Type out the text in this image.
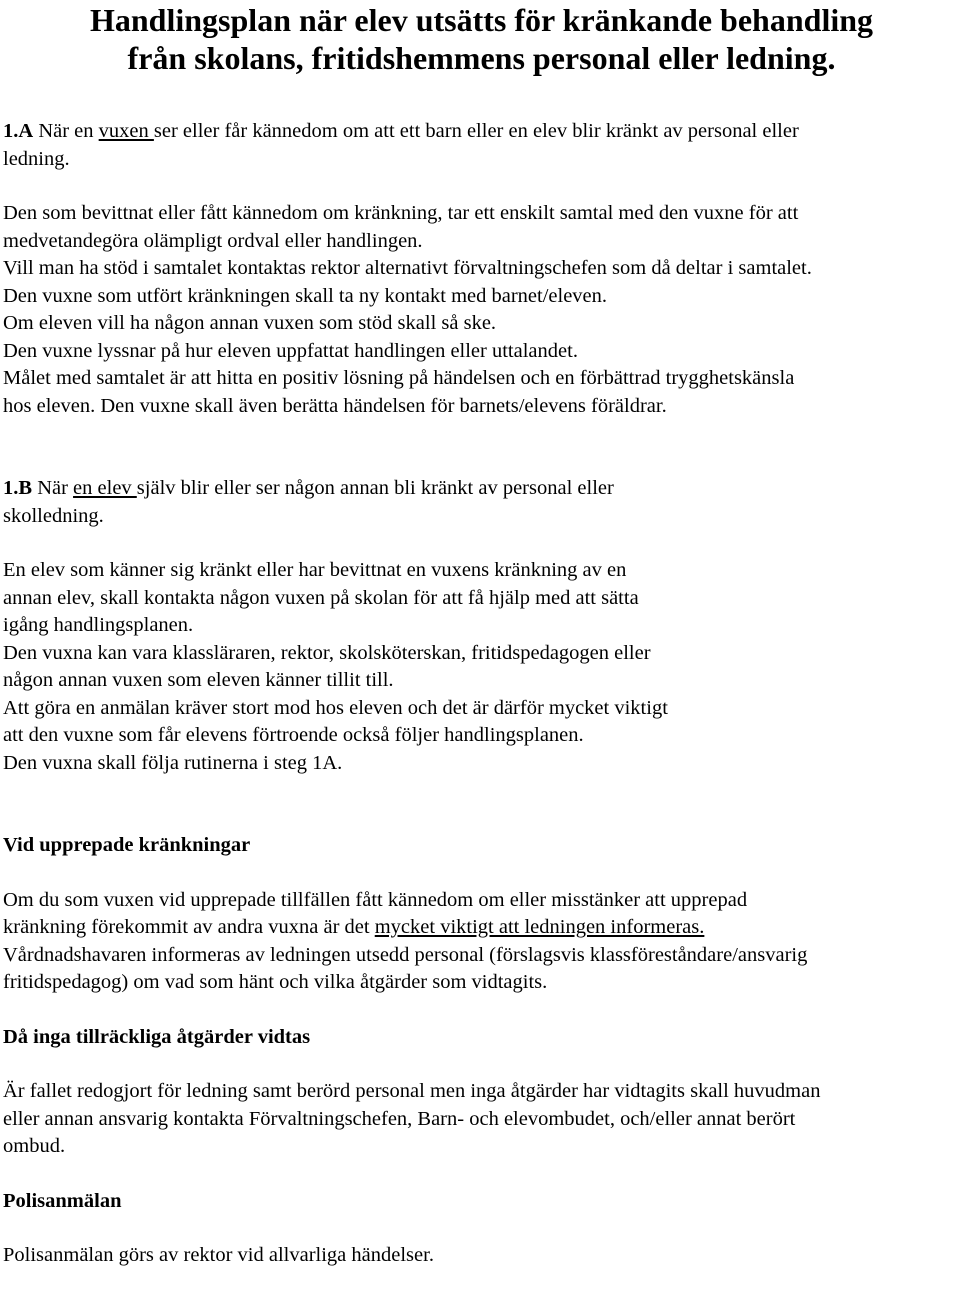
Handlingsplan när elev utsätts för kränkande behandling
från skolans, fritidshemmens personal eller ledning.

1.A När en vuxen ser eller får kännedom om att ett barn eller en elev blir kränkt av personal eller
ledning.

Den som bevittnat eller fått kännedom om kränkning, tar ett enskilt samtal med den vuxne för att
medvetandegöra olämpligt ordval eller handlingen.
Vill man ha stöd i samtalet kontaktas rektor alternativt förvaltningschefen som då deltar i samtalet.
Den vuxne som utfört kränkningen skall ta ny kontakt med barnet/eleven.
Om eleven vill ha någon annan vuxen som stöd skall så ske.
Den vuxne lyssnar på hur eleven uppfattat handlingen eller uttalandet.
Målet med samtalet är att hitta en positiv lösning på händelsen och en förbättrad trygghetskänsla
hos eleven. Den vuxne skall även berätta händelsen för barnets/elevens föräldrar.

1.B När en elev själv blir eller ser någon annan bli kränkt av personal eller
skolledning.

En elev som känner sig kränkt eller har bevittnat en vuxens kränkning av en
annan elev, skall kontakta någon vuxen på skolan för att få hjälp med att sätta
igång handlingsplanen.
Den vuxna kan vara klassläraren, rektor, skolsköterskan, fritidspedagogen eller
någon annan vuxen som eleven känner tillit till.
Att göra en anmälan kräver stort mod hos eleven och det är därför mycket viktigt
att den vuxne som får elevens förtroende också följer handlingsplanen.
Den vuxna skall följa rutinerna i steg 1A.

Vid upprepade kränkningar

Om du som vuxen vid upprepade tillfällen fått kännedom om eller misstänker att upprepad
kränkning förekommit av andra vuxna är det mycket viktigt att ledningen informeras.
Vårdnadshavaren informeras av ledningen utsedd personal (förslagsvis klassföreståndare/ansvarig
fritidspedagog) om vad som hänt och vilka åtgärder som vidtagits.

Då inga tillräckliga åtgärder vidtas

Är fallet redogjort för ledning samt berörd personal men inga åtgärder har vidtagits skall huvudman
eller annan ansvarig kontakta Förvaltningschefen, Barn- och elevombudet, och/eller annat berört
ombud.

Polisanmälan

Polisanmälan görs av rektor vid allvarliga händelser.
